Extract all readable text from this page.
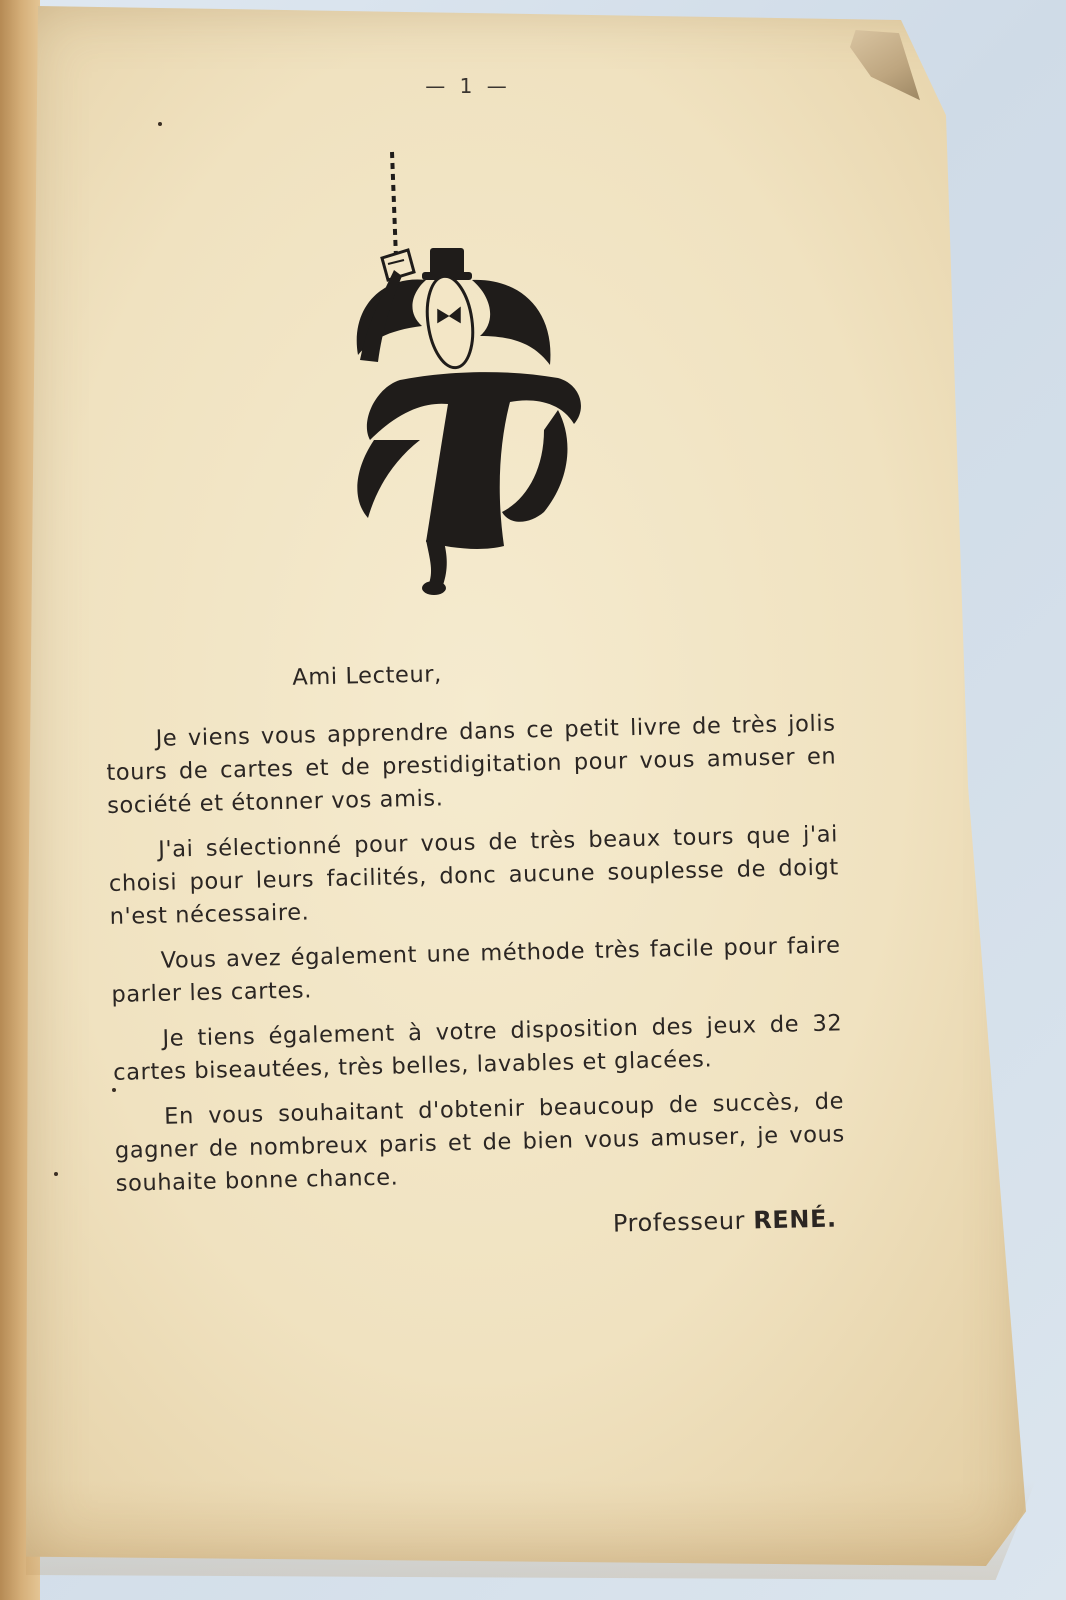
— 1 —
Ami Lecteur,

Je viens vous apprendre dans ce petit livre de très jolis tours de cartes et de prestidigitation pour vous amuser en société et étonner vos amis.

J'ai sélectionné pour vous de très beaux tours que j'ai choisi pour leurs facilités, donc aucune souplesse de doigt n'est nécessaire.

Vous avez également une méthode très facile pour faire parler les cartes.

Je tiens également à votre disposition des jeux de 32 cartes biseautées, très belles, lavables et glacées.

En vous souhaitant d'obtenir beaucoup de succès, de gagner de nombreux paris et de bien vous amuser, je vous souhaite bonne chance.

Professeur RENÉ.
